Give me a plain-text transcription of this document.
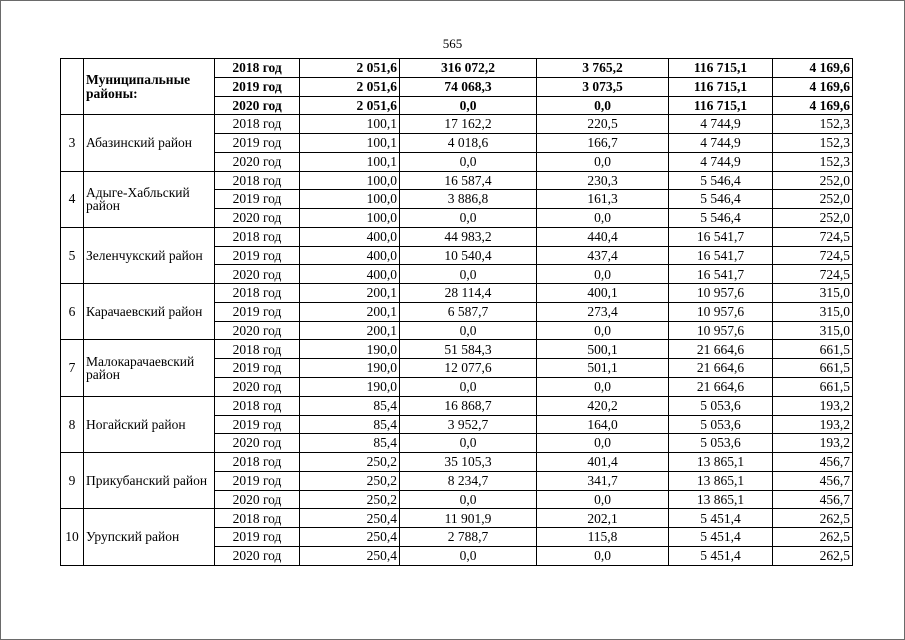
565
	Муниципальные районы:	2018 год	2 051,6	316 072,2	3 765,2	116 715,1	4 169,6
		2019 год	2 051,6	74 068,3	3 073,5	116 715,1	4 169,6
		2020 год	2 051,6	0,0	0,0	116 715,1	4 169,6
3	Абазинский район	2018 год	100,1	17 162,2	220,5	4 744,9	152,3
		2019 год	100,1	4 018,6	166,7	4 744,9	152,3
		2020 год	100,1	0,0	0,0	4 744,9	152,3
4	Адыге-Хабльский район	2018 год	100,0	16 587,4	230,3	5 546,4	252,0
		2019 год	100,0	3 886,8	161,3	5 546,4	252,0
		2020 год	100,0	0,0	0,0	5 546,4	252,0
5	Зеленчукский район	2018 год	400,0	44 983,2	440,4	16 541,7	724,5
		2019 год	400,0	10 540,4	437,4	16 541,7	724,5
		2020 год	400,0	0,0	0,0	16 541,7	724,5
6	Карачаевский район	2018 год	200,1	28 114,4	400,1	10 957,6	315,0
		2019 год	200,1	6 587,7	273,4	10 957,6	315,0
		2020 год	200,1	0,0	0,0	10 957,6	315,0
7	Малокарачаевский район	2018 год	190,0	51 584,3	500,1	21 664,6	661,5
		2019 год	190,0	12 077,6	501,1	21 664,6	661,5
		2020 год	190,0	0,0	0,0	21 664,6	661,5
8	Ногайский район	2018 год	85,4	16 868,7	420,2	5 053,6	193,2
		2019 год	85,4	3 952,7	164,0	5 053,6	193,2
		2020 год	85,4	0,0	0,0	5 053,6	193,2
9	Прикубанский район	2018 год	250,2	35 105,3	401,4	13 865,1	456,7
		2019 год	250,2	8 234,7	341,7	13 865,1	456,7
		2020 год	250,2	0,0	0,0	13 865,1	456,7
10	Урупский район	2018 год	250,4	11 901,9	202,1	5 451,4	262,5
		2019 год	250,4	2 788,7	115,8	5 451,4	262,5
		2020 год	250,4	0,0	0,0	5 451,4	262,5
